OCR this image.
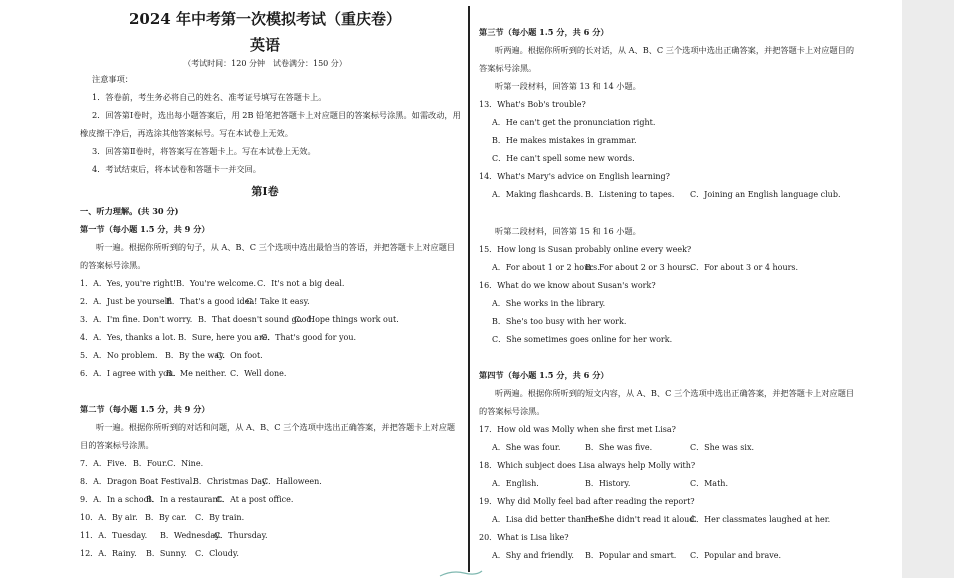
2024 年中考第一次模拟考试（重庆卷）
英语
（考试时间：120 分钟　试卷满分：150 分）
注意事项：
1．答卷前，考生务必将自己的姓名、准考证号填写在答题卡上。
2．回答第Ⅰ卷时，选出每小题答案后，用 2B 铅笔把答题卡上对应题目的答案标号涂黑。如需改动，用
橡皮擦干净后，再选涂其他答案标号。写在本试卷上无效。
3．回答第Ⅱ卷时，将答案写在答题卡上。写在本试卷上无效。
4．考试结束后，将本试卷和答题卡一并交回。
第Ⅰ卷
一、听力理解。(共 30 分)
第一节（每小题 1.5 分，共 9 分）
听一遍。根据你所听到的句子，从 A、B、C 三个选项中选出最恰当的答语，并把答题卡上对应题目
的答案标号涂黑。
1．A．Yes, you're right! B．You're welcome. C．It's not a big deal.
2．A．Just be yourself.
B．That's a good idea!
C．Take it easy.
3．A．I'm fine. Don't worry. B．That doesn't sound good.
C．Hope things work out.
4．A．Yes, thanks a lot. B．Sure, here you are.
C．That's good for you.
5．A．No problem. B．By the way.
C．On foot.
6．A．I agree with you.
B．Me neither. C．Well done.
第二节（每小题 1.5 分，共 9 分）
听一遍。根据你所听到的对话和问题，从 A、B、C 三个选项中选出正确答案，并把答题卡上对应题
目的答案标号涂黑。
7．A．Five. B．Four. C．Nine.
8．A．Dragon Boat Festival.
B．Christmas Day.
C．Halloween.
9．A．In a school.
B．In a restaurant.
C．At a post office.
10．A．By air. B．By car. C．By train.
11．A．Tuesday. B．Wednesday.
C．Thursday.
12．A．Rainy. B．Sunny. C．Cloudy.
第三节（每小题 1.5 分，共 6 分）
听两遍。根据你所听到的长对话，从 A、B、C 三个选项中选出正确答案，并把答题卡上对应题目的
答案标号涂黑。
听第一段材料，回答第 13 和 14 小题。
13．What's Bob's trouble?
A．He can't get the pronunciation right.
B．He makes mistakes in grammar.
C．He can't spell some new words.
14．What's Mary's advice on English learning?
A．Making flashcards. B．Listening to tapes. C．Joining an English language club.
听第二段材料，回答第 15 和 16 小题。
15．How long is Susan probably online every week?
A．For about 1 or 2 hours.
B．For about 2 or 3 hours.
C．For about 3 or 4 hours.
16．What do we know about Susan's work?
A．She works in the library.
B．She's too busy with her work.
C．She sometimes goes online for her work.
第四节（每小题 1.5 分，共 6 分）
听两遍。根据你所听到的短文内容，从 A、B、C 三个选项中选出正确答案，并把答题卡上对应题目
的答案标号涂黑。
17．How old was Molly when she first met Lisa?
A．She was four.	B．She was five.	C．She was six.
18．Which subject does Lisa always help Molly with?
A．English.	B．History.	C．Math.
19．Why did Molly feel bad after reading the report?
A．Lisa did better than her.
B．She didn't read it aloud.
C．Her classmates laughed at her.
20．What is Lisa like?
A．Shy and friendly. B．Popular and smart. C．Popular and brave.
